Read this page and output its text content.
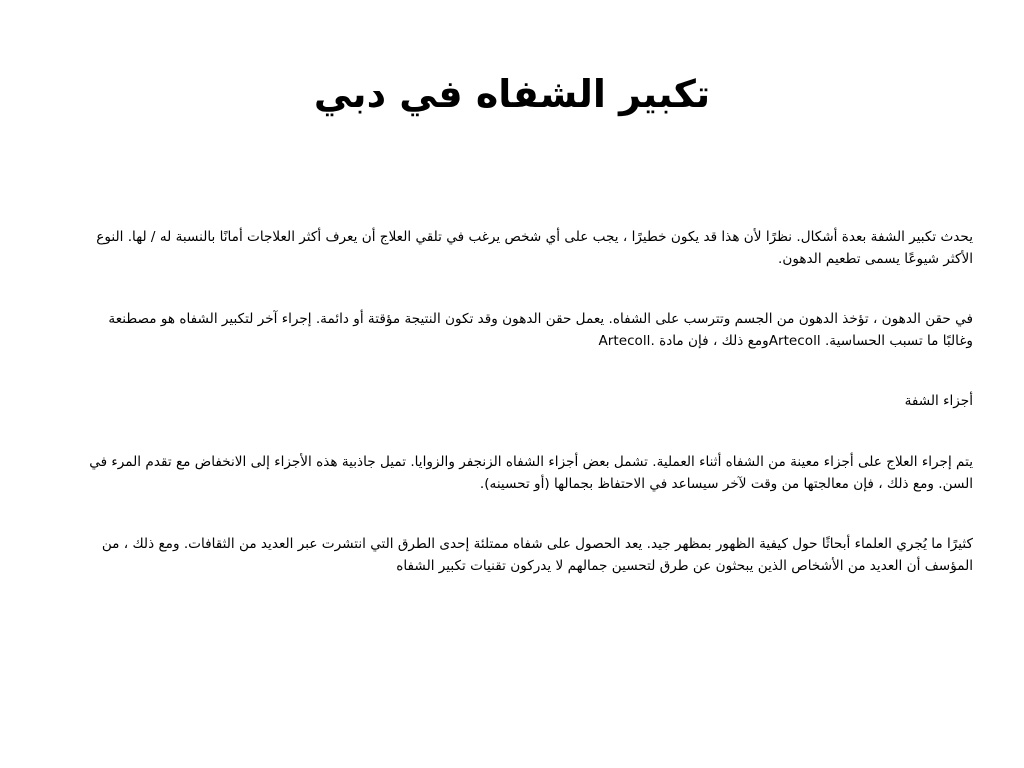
تكبير الشفاه في دبي

يحدث تكبير الشفة بعدة أشكال. نظرًا لأن هذا قد يكون خطيرًا ، يجب على أي شخص يرغب في تلقي العلاج أن يعرف أكثر العلاجات أمانًا بالنسبة له / لها. النوع الأكثر شيوعًا يسمى تطعيم الدهون.

في حقن الدهون ، تؤخذ الدهون من الجسم وتترسب على الشفاه. يعمل حقن الدهون وقد تكون النتيجة مؤقتة أو دائمة. إجراء آخر لتكبير الشفاه هو مصطنعة وغالبًا ما تسبب الحساسية. Artecollومع ذلك ، فإن مادة .Artecoll

أجزاء الشفة

يتم إجراء العلاج على أجزاء معينة من الشفاه أثناء العملية. تشمل بعض أجزاء الشفاه الزنجفر والزوايا. تميل جاذبية هذه الأجزاء إلى الانخفاض مع تقدم المرء في السن. ومع ذلك ، فإن معالجتها من وقت لآخر سيساعد في الاحتفاظ بجمالها (أو تحسينه).

كثيرًا ما يُجري العلماء أبحاثًا حول كيفية الظهور بمظهر جيد. يعد الحصول على شفاه ممتلئة إحدى الطرق التي انتشرت عبر العديد من الثقافات. ومع ذلك ، من المؤسف أن العديد من الأشخاص الذين يبحثون عن طرق لتحسين جمالهم لا يدركون تقنيات تكبير الشفاه
